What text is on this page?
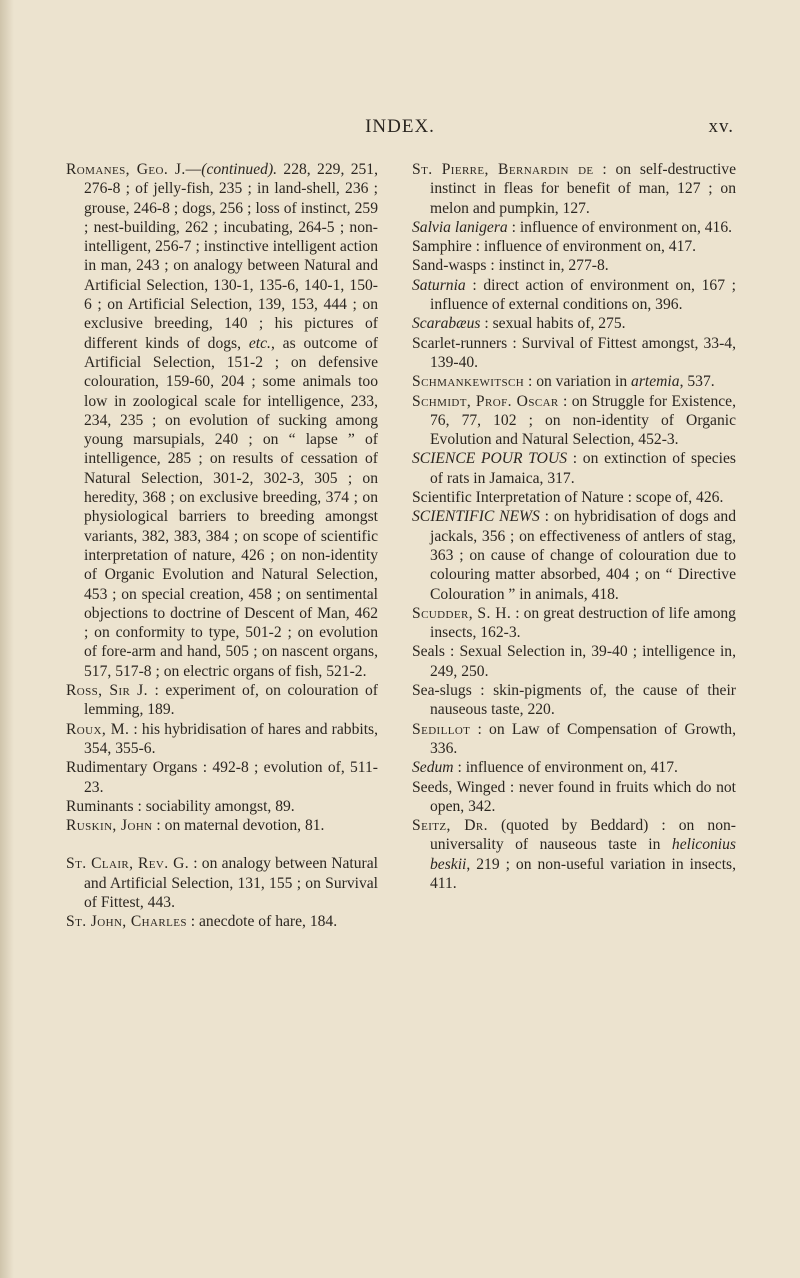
INDEX.	xv.

Romanes, Geo. J.—(continued). 228, 229, 251, 276-8 ; of jelly-fish, 235 ; in land-shell, 236 ; grouse, 246-8 ; dogs, 256 ; loss of instinct, 259 ; nest-building, 262 ; incubating, 264-5 ; non-intelligent, 256-7 ; instinctive intelligent action in man, 243 ; on analogy between Natural and Artificial Selection, 130-1, 135-6, 140-1, 150-6 ; on Artificial Selection, 139, 153, 444 ; on exclusive breeding, 140 ; his pictures of different kinds of dogs, etc., as outcome of Artificial Selection, 151-2 ; on defensive colouration, 159-60, 204 ; some animals too low in zoological scale for intelligence, 233, 234, 235 ; on evolution of sucking among young marsupials, 240 ; on “ lapse ” of intelligence, 285 ; on results of cessation of Natural Selection, 301-2, 302-3, 305 ; on heredity, 368 ; on exclusive breeding, 374 ; on physiological barriers to breeding amongst variants, 382, 383, 384 ; on scope of scientific interpretation of nature, 426 ; on non-identity of Organic Evolution and Natural Selection, 453 ; on special creation, 458 ; on sentimental objections to doctrine of Descent of Man, 462 ; on conformity to type, 501-2 ; on evolution of fore-arm and hand, 505 ; on nascent organs, 517, 517-8 ; on electric organs of fish, 521-2.

Ross, Sir J. : experiment of, on colouration of lemming, 189.

Roux, M. : his hybridisation of hares and rabbits, 354, 355-6.

Rudimentary Organs : 492-8 ; evolution of, 511-23.

Ruminants : sociability amongst, 89.

Ruskin, John : on maternal devotion, 81.

St. Clair, Rev. G. : on analogy between Natural and Artificial Selection, 131, 155 ; on Survival of Fittest, 443.

St. John, Charles : anecdote of hare, 184.

St. Pierre, Bernardin de : on self-destructive instinct in fleas for benefit of man, 127 ; on melon and pumpkin, 127.

Salvia lanigera : influence of environment on, 416.

Samphire : influence of environment on, 417.

Sand-wasps : instinct in, 277-8.

Saturnia : direct action of environment on, 167 ; influence of external conditions on, 396.

Scarabæus : sexual habits of, 275.

Scarlet-runners : Survival of Fittest amongst, 33-4, 139-40.

Schmankewitsch : on variation in artemia, 537.

Schmidt, Prof. Oscar : on Struggle for Existence, 76, 77, 102 ; on non-identity of Organic Evolution and Natural Selection, 452-3.

SCIENCE POUR TOUS : on extinction of species of rats in Jamaica, 317.

Scientific Interpretation of Nature : scope of, 426.

SCIENTIFIC NEWS : on hybridisation of dogs and jackals, 356 ; on effectiveness of antlers of stag, 363 ; on cause of change of colouration due to colouring matter absorbed, 404 ; on “ Directive Colouration ” in animals, 418.

Scudder, S. H. : on great destruction of life among insects, 162-3.

Seals : Sexual Selection in, 39-40 ; intelligence in, 249, 250.

Sea-slugs : skin-pigments of, the cause of their nauseous taste, 220.

Sedillot : on Law of Compensation of Growth, 336.

Sedum : influence of environment on, 417.

Seeds, Winged : never found in fruits which do not open, 342.

Seitz, Dr. (quoted by Beddard) : on non-universality of nauseous taste in heliconius beskii, 219 ; on non-useful variation in insects, 411.
